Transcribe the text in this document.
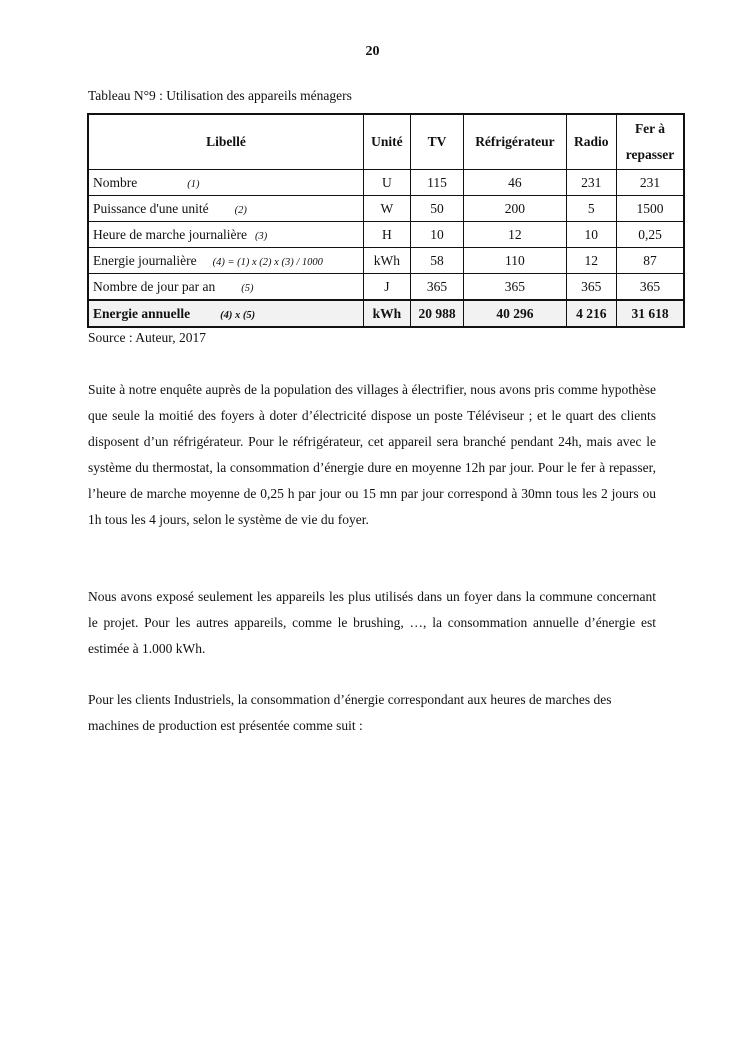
20
Tableau N°9 : Utilisation des appareils ménagers
Libellé	Unité	TV	Réfrigérateur	Radio	Fer à repasser
Nombre (1)	U	115	46	231	231
Puissance d'une unité (2)	W	50	200	5	1500
Heure de marche journalière (3)	H	10	12	10	0,25
Energie journalière (4) = (1) x (2) x (3) / 1000	kWh	58	110	12	87
Nombre de jour par an (5)	J	365	365	365	365
Energie annuelle (4) x (5)	kWh	20 988	40 296	4 216	31 618
Source : Auteur, 2017

Suite à notre enquête auprès de la population des villages à électrifier, nous avons pris comme hypothèse que seule la moitié des foyers à doter d’électricité dispose un poste Téléviseur ; et le quart des clients disposent d’un réfrigérateur. Pour le réfrigérateur, cet appareil sera branché pendant 24h, mais avec le système du thermostat, la consommation d’énergie dure en moyenne 12h par jour. Pour le fer à repasser, l’heure de marche moyenne de 0,25 h par jour ou 15 mn par jour correspond à 30mn tous les 2 jours ou 1h tous les 4 jours, selon le système de vie du foyer.

Nous avons exposé seulement les appareils les plus utilisés dans un foyer dans la commune concernant le projet. Pour les autres appareils, comme le brushing, …, la consommation annuelle d’énergie est estimée à 1.000 kWh.

Pour les clients Industriels, la consommation d’énergie correspondant aux heures de marches des machines de production est présentée comme suit :
